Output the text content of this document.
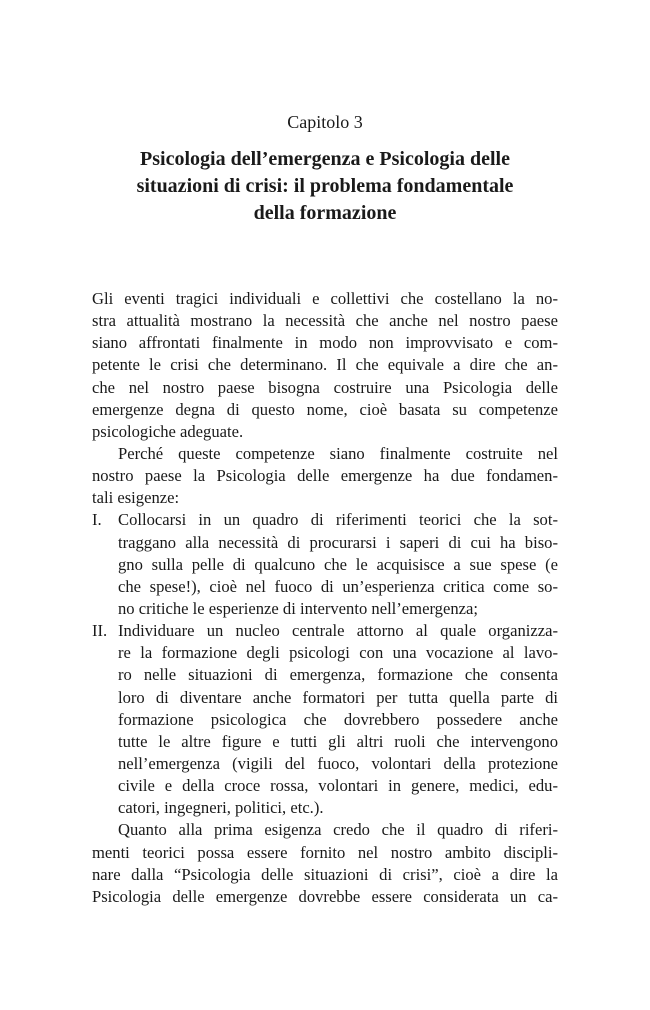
Capitolo 3
Psicologia dell’emergenza e Psicologia delle
situazioni di crisi: il problema fondamentale
della formazione
Gli eventi tragici individuali e collettivi che costellano la no-
stra attualità mostrano la necessità che anche nel nostro paese
siano affrontati finalmente in modo non improvvisato e com-
petente le crisi che determinano. Il che equivale a dire che an-
che nel nostro paese bisogna costruire una Psicologia delle
emergenze degna di questo nome, cioè basata su competenze
psicologiche adeguate.
Perché queste competenze siano finalmente costruite nel
nostro paese la Psicologia delle emergenze ha due fondamen-
tali esigenze:
I. Collocarsi in un quadro di riferimenti teorici che la sot-
traggano alla necessità di procurarsi i saperi di cui ha biso-
gno sulla pelle di qualcuno che le acquisisce a sue spese (e
che spese!), cioè nel fuoco di un’esperienza critica come so-
no critiche le esperienze di intervento nell’emergenza;
II. Individuare un nucleo centrale attorno al quale organizza-
re la formazione degli psicologi con una vocazione al lavo-
ro nelle situazioni di emergenza, formazione che consenta
loro di diventare anche formatori per tutta quella parte di
formazione psicologica che dovrebbero possedere anche
tutte le altre figure e tutti gli altri ruoli che intervengono
nell’emergenza (vigili del fuoco, volontari della protezione
civile e della croce rossa, volontari in genere, medici, edu-
catori, ingegneri, politici, etc.).
Quanto alla prima esigenza credo che il quadro di riferi-
menti teorici possa essere fornito nel nostro ambito discipli-
nare dalla “Psicologia delle situazioni di crisi”, cioè a dire la
Psicologia delle emergenze dovrebbe essere considerata un ca-
